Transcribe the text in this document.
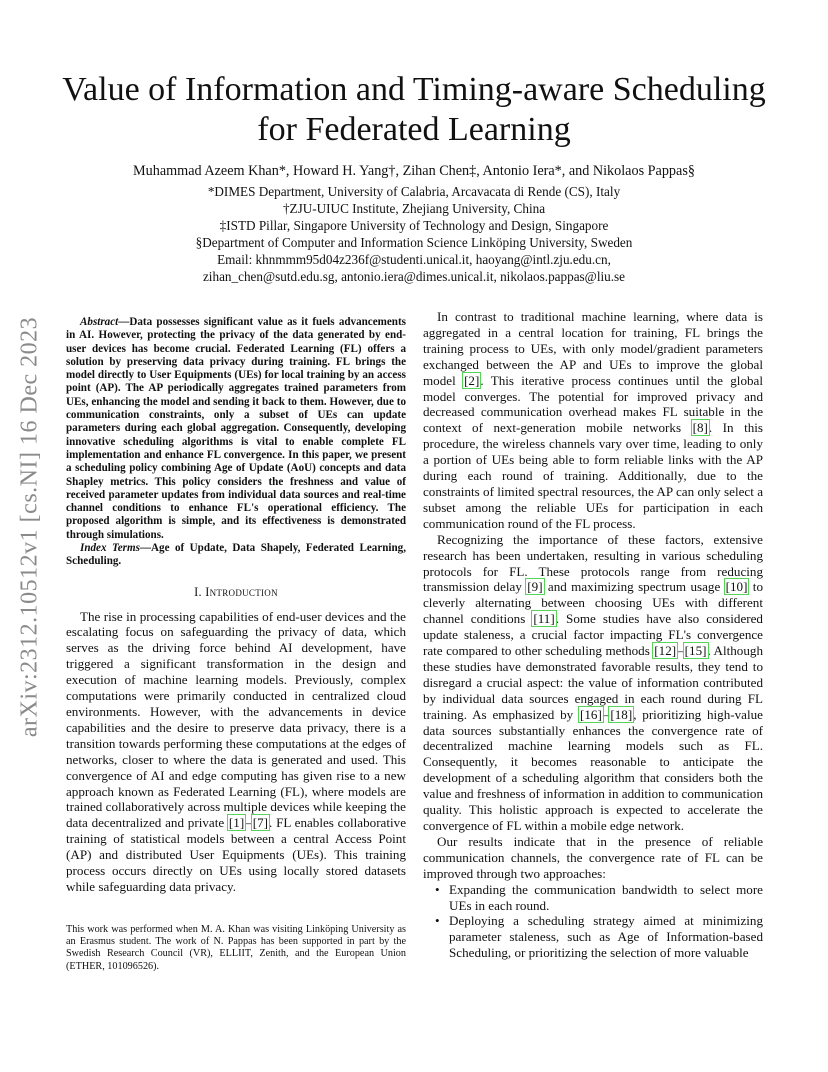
arXiv:2312.10512v1 [cs.NI] 16 Dec 2023
Value of Information and Timing-aware Scheduling for Federated Learning
Muhammad Azeem Khan*, Howard H. Yang†, Zihan Chen‡, Antonio Iera*, and Nikolaos Pappas§
*DIMES Department, University of Calabria, Arcavacata di Rende (CS), Italy
†ZJU-UIUC Institute, Zhejiang University, China
‡ISTD Pillar, Singapore University of Technology and Design, Singapore
§Department of Computer and Information Science Linköping University, Sweden
Email: khnmmm95d04z236f@studenti.unical.it, haoyang@intl.zju.edu.cn,
zihan_chen@sutd.edu.sg, antonio.iera@dimes.unical.it, nikolaos.pappas@liu.se

Abstract—Data possesses significant value as it fuels advancements in AI. However, protecting the privacy of the data generated by end-user devices has become crucial. Federated Learning (FL) offers a solution by preserving data privacy during training. FL brings the model directly to User Equipments (UEs) for local training by an access point (AP). The AP periodically aggregates trained parameters from UEs, enhancing the model and sending it back to them. However, due to communication constraints, only a subset of UEs can update parameters during each global aggregation. Consequently, developing innovative scheduling algorithms is vital to enable complete FL implementation and enhance FL convergence. In this paper, we present a scheduling policy combining Age of Update (AoU) concepts and data Shapley metrics. This policy considers the freshness and value of received parameter updates from individual data sources and real-time channel conditions to enhance FL's operational efficiency. The proposed algorithm is simple, and its effectiveness is demonstrated through simulations.

Index Terms—Age of Update, Data Shapely, Federated Learning, Scheduling.

I. Introduction

The rise in processing capabilities of end-user devices and the escalating focus on safeguarding the privacy of data, which serves as the driving force behind AI development, have triggered a significant transformation in the design and execution of machine learning models. Previously, complex computations were primarily conducted in centralized cloud environments. However, with the advancements in device capabilities and the desire to preserve data privacy, there is a transition towards performing these computations at the edges of networks, closer to where the data is generated and used. This convergence of AI and edge computing has given rise to a new approach known as Federated Learning (FL), where models are trained collaboratively across multiple devices while keeping the data decentralized and private [1]–[7]. FL enables collaborative training of statistical models between a central Access Point (AP) and distributed User Equipments (UEs). This training process occurs directly on UEs using locally stored datasets while safeguarding data privacy.

This work was performed when M. A. Khan was visiting Linköping University as an Erasmus student. The work of N. Pappas has been supported in part by the Swedish Research Council (VR), ELLIIT, Zenith, and the European Union (ETHER, 101096526).

In contrast to traditional machine learning, where data is aggregated in a central location for training, FL brings the training process to UEs, with only model/gradient parameters exchanged between the AP and UEs to improve the global model [2]. This iterative process continues until the global model converges. The potential for improved privacy and decreased communication overhead makes FL suitable in the context of next-generation mobile networks [8]. In this procedure, the wireless channels vary over time, leading to only a portion of UEs being able to form reliable links with the AP during each round of training. Additionally, due to the constraints of limited spectral resources, the AP can only select a subset among the reliable UEs for participation in each communication round of the FL process.

Recognizing the importance of these factors, extensive research has been undertaken, resulting in various scheduling protocols for FL. These protocols range from reducing transmission delay [9] and maximizing spectrum usage [10] to cleverly alternating between choosing UEs with different channel conditions [11]. Some studies have also considered update staleness, a crucial factor impacting FL's convergence rate compared to other scheduling methods [12]–[15]. Although these studies have demonstrated favorable results, they tend to disregard a crucial aspect: the value of information contributed by individual data sources engaged in each round during FL training. As emphasized by [16]–[18], prioritizing high-value data sources substantially enhances the convergence rate of decentralized machine learning models such as FL. Consequently, it becomes reasonable to anticipate the development of a scheduling algorithm that considers both the value and freshness of information in addition to communication quality. This holistic approach is expected to accelerate the convergence of FL within a mobile edge network.

Our results indicate that in the presence of reliable communication channels, the convergence rate of FL can be improved through two approaches:

• Expanding the communication bandwidth to select more UEs in each round.
• Deploying a scheduling strategy aimed at minimizing parameter staleness, such as Age of Information-based Scheduling, or prioritizing the selection of more valuable
